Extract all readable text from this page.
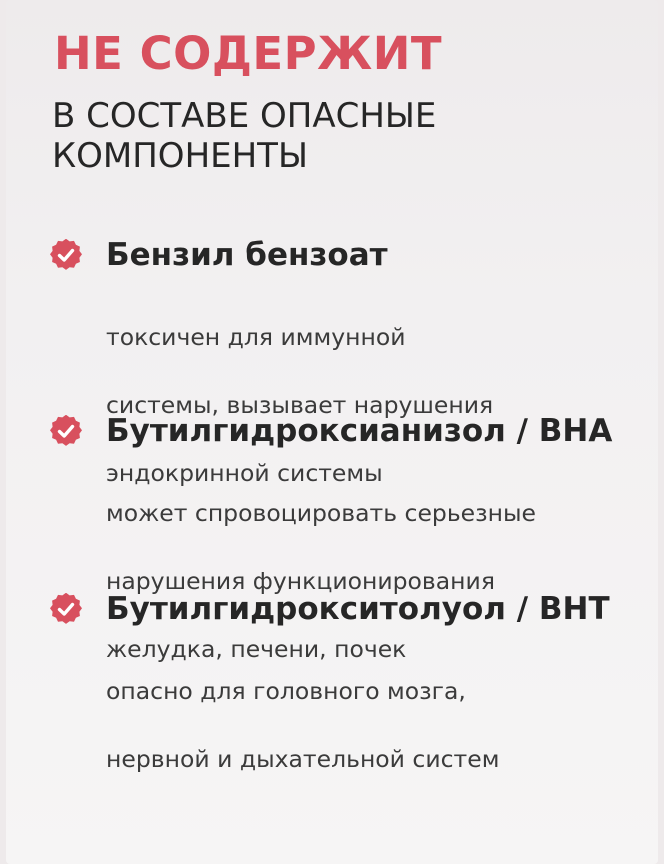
НЕ СОДЕРЖИТ
В СОСТАВЕ ОПАСНЫЕ
КОМПОНЕНТЫ
Бензил бензоат

токсичен для иммунной

системы, вызывает нарушения

эндокринной системы

Бутилгидроксианизол / BHA

может спровоцировать серьезные

нарушения функционирования

желудка, печени, почек

Бутилгидрокситолуол / BHT

опасно для головного мозга,

нервной и дыхательной систем
